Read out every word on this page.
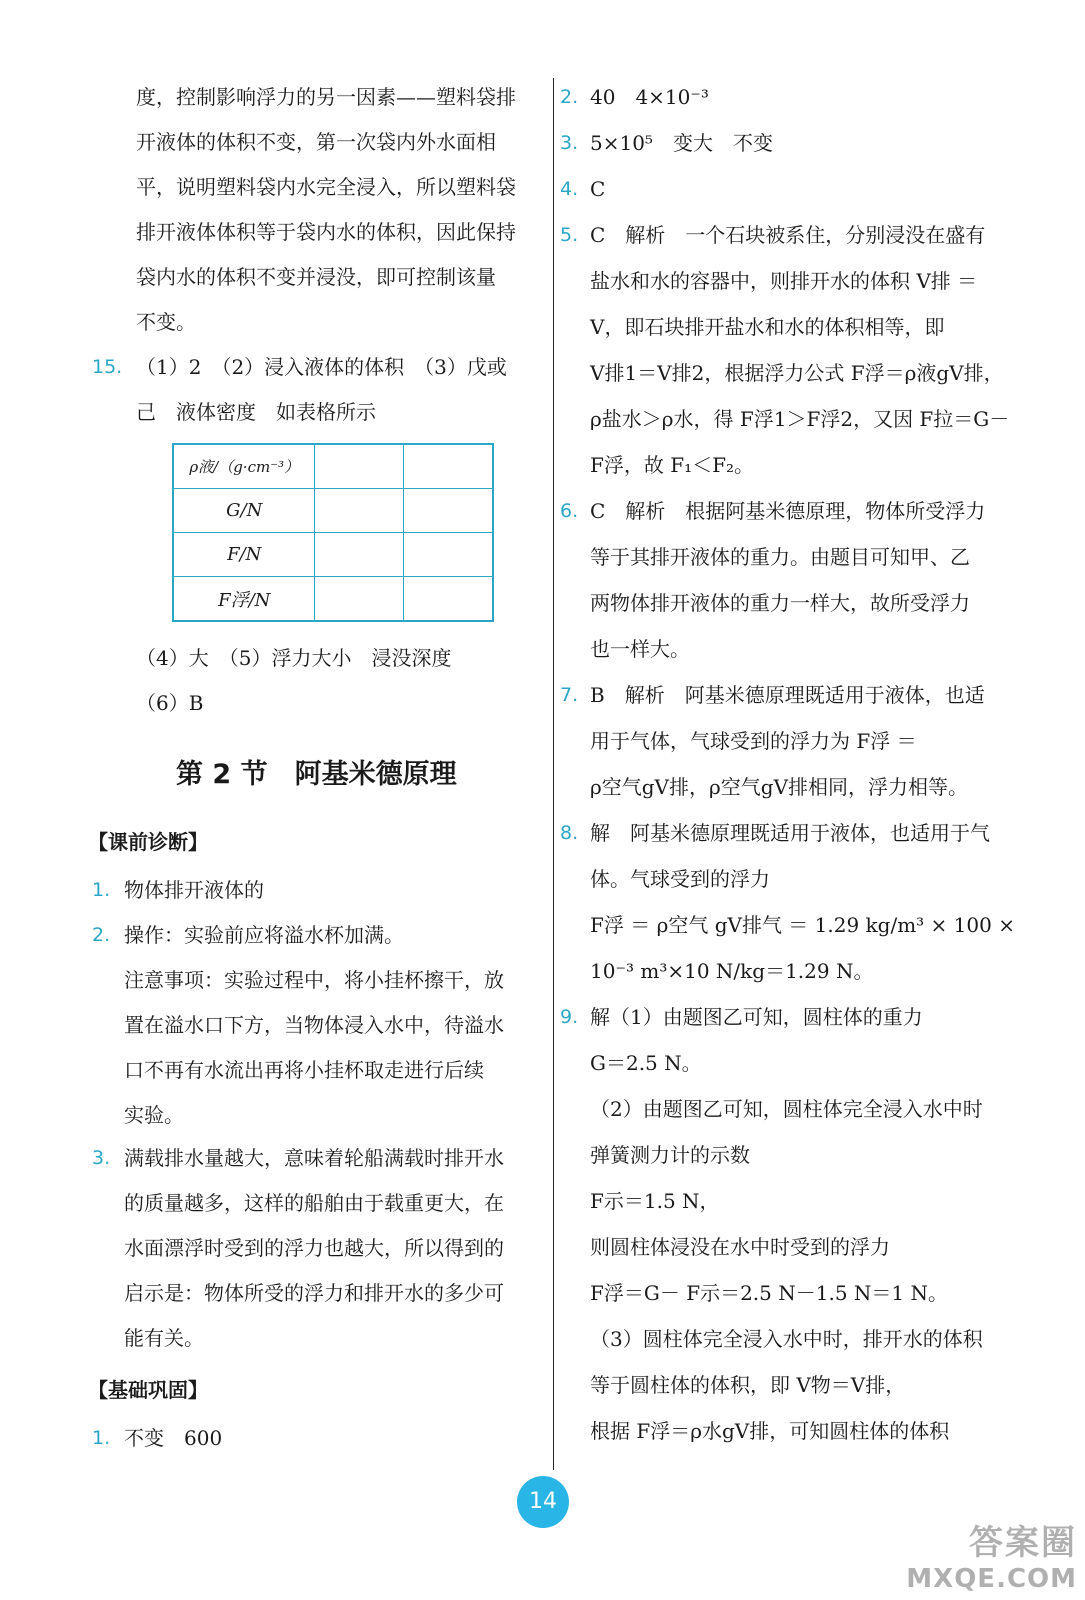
度，控制影响浮力的另一因素——塑料袋排
开液体的体积不变，第一次袋内外水面相
平，说明塑料袋内水完全浸入，所以塑料袋
排开液体体积等于袋内水的体积，因此保持
袋内水的体积不变并浸没，即可控制该量
不变。
15. （1）2　（2）浸入液体的体积　（3）戊或
己　液体密度　如表格所示
ρ液/（g·cm⁻³）		
G/N		
F/N		
F浮/N		
（4）大　（5）浮力大小　浸没深度
（6）B
第 2 节　阿基米德原理
【课前诊断】
1. 物体排开液体的
2. 操作：实验前应将溢水杯加满。
注意事项：实验过程中，将小挂杯擦干，放
置在溢水口下方，当物体浸入水中，待溢水
口不再有水流出再将小挂杯取走进行后续
实验。
3. 满载排水量越大，意味着轮船满载时排开水
的质量越多，这样的船舶由于载重更大，在
水面漂浮时受到的浮力也越大，所以得到的
启示是：物体所受的浮力和排开水的多少可
能有关。
【基础巩固】
1. 不变　600
2. 40　4×10⁻³
3. 5×10⁵　变大　不变
4. C
5. C　解析　一个石块被系住，分别浸没在盛有
盐水和水的容器中，则排开水的体积 V排 ＝
V，即石块排开盐水和水的体积相等，即
V排1＝V排2，根据浮力公式 F浮＝ρ液gV排，
ρ盐水＞ρ水，得 F浮1＞F浮2，又因 F拉＝G－
F浮，故 F₁＜F₂。
6. C　解析　根据阿基米德原理，物体所受浮力
等于其排开液体的重力。由题目可知甲、乙
两物体排开液体的重力一样大，故所受浮力
也一样大。
7. B　解析　阿基米德原理既适用于液体，也适
用于气体，气球受到的浮力为 F浮 ＝
ρ空气gV排，ρ空气gV排相同，浮力相等。
8. 解　阿基米德原理既适用于液体，也适用于气
体。气球受到的浮力
F浮 ＝ ρ空气 gV排气 ＝ 1.29 kg/m³ × 100 ×
10⁻³ m³×10 N/kg＝1.29 N。
9. 解（1）由题图乙可知，圆柱体的重力
G＝2.5 N。
（2）由题图乙可知，圆柱体完全浸入水中时
弹簧测力计的示数
F示＝1.5 N，
则圆柱体浸没在水中时受到的浮力
F浮＝G－ F示＝2.5 N－1.5 N＝1 N。
（3）圆柱体完全浸入水中时，排开水的体积
等于圆柱体的体积，即 V物＝V排，
根据 F浮＝ρ水gV排，可知圆柱体的体积
14
答案圈
MXQE.COM
